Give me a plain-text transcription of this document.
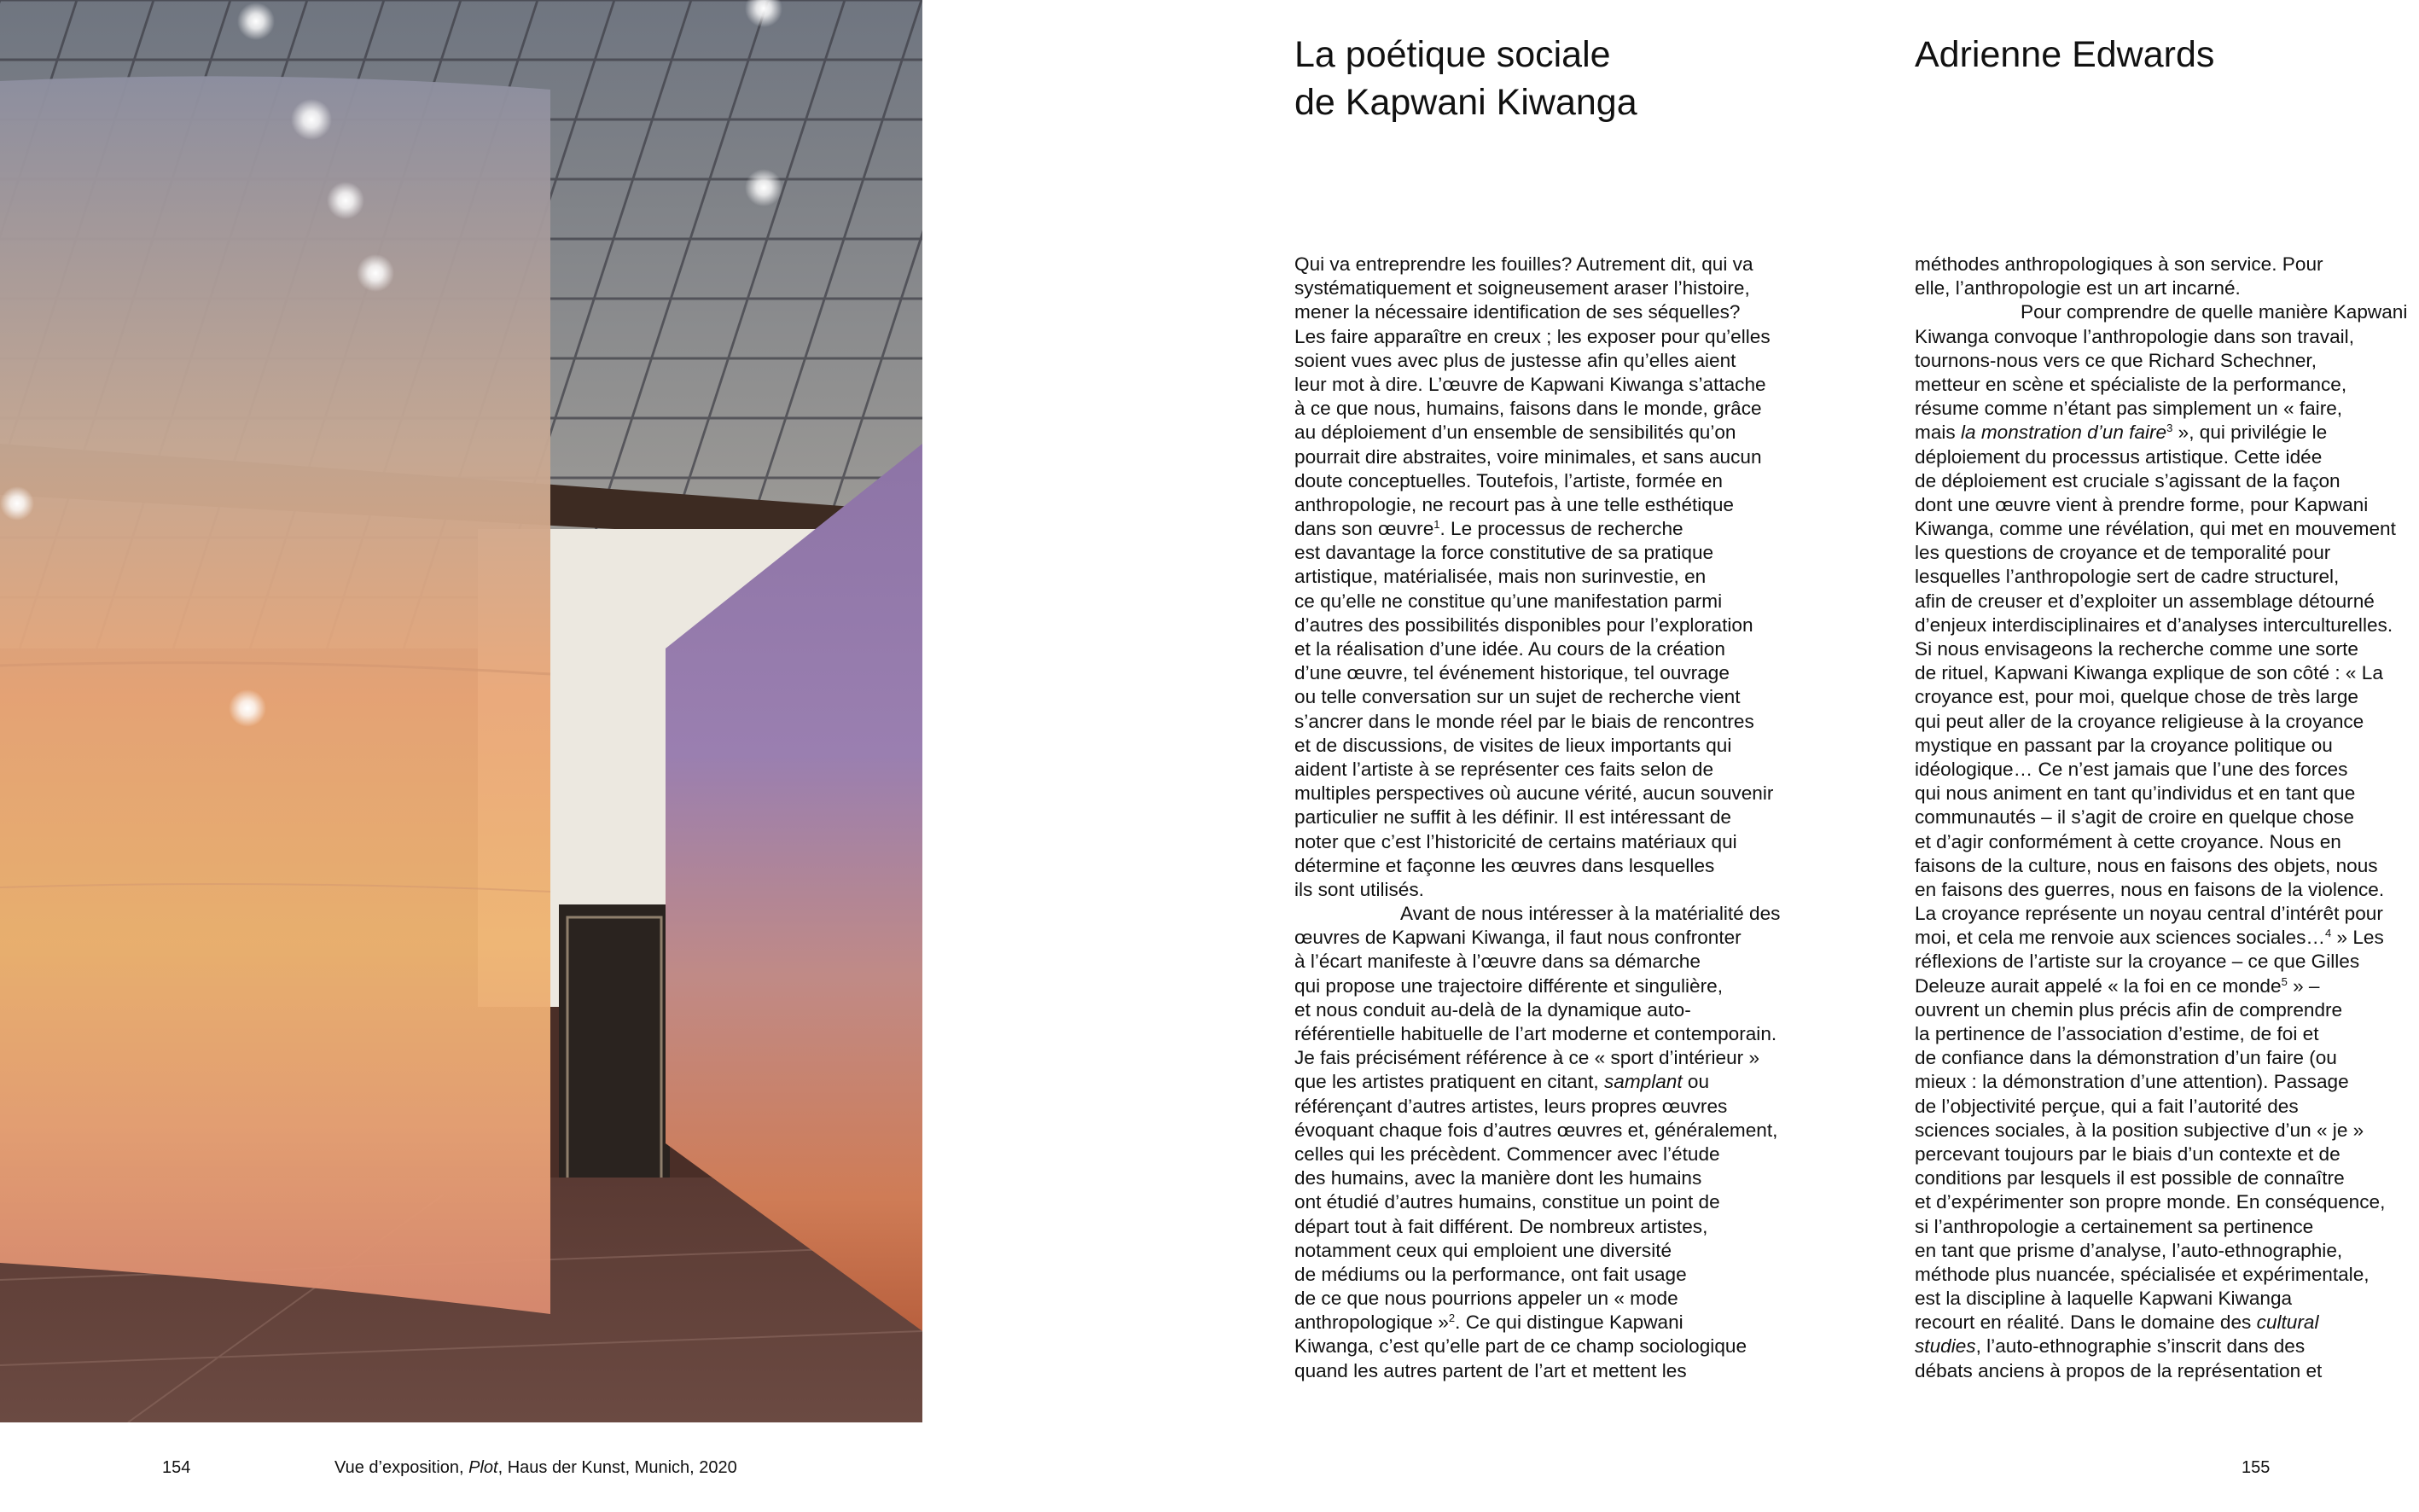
154	Vue d’exposition, Plot, Haus der Kunst, Munich, 2020	155
La poétique sociale
de Kapwani Kiwanga
Adrienne Edwards
Qui va entreprendre les fouilles? Autrement dit, qui va
systématiquement et soigneusement araser l’histoire,
mener la nécessaire identification de ses séquelles?
Les faire apparaître en creux ; les exposer pour qu’elles
soient vues avec plus de justesse afin qu’elles aient
leur mot à dire. L’œuvre de Kapwani Kiwanga s’attache
à ce que nous, humains, faisons dans le monde, grâce
au déploiement d’un ensemble de sensibilités qu’on
pourrait dire abstraites, voire minimales, et sans aucun
doute conceptuelles. Toutefois, l’artiste, formée en
anthropologie, ne recourt pas à une telle esthétique
dans son œuvre$^1$. Le processus de recherche
est davantage la force constitutive de sa pratique
artistique, matérialisée, mais non surinvestie, en
ce qu’elle ne constitue qu’une manifestation parmi
d’autres des possibilités disponibles pour l’exploration
et la réalisation d’une idée. Au cours de la création
d’une œuvre, tel événement historique, tel ouvrage
ou telle conversation sur un sujet de recherche vient
s’ancrer dans le monde réel par le biais de rencontres
et de discussions, de visites de lieux importants qui
aident l’artiste à se représenter ces faits selon de
multiples perspectives où aucune vérité, aucun souvenir
particulier ne suffit à les définir. Il est intéressant de
noter que c’est l’historicité de certains matériaux qui
détermine et façonne les œuvres dans lesquelles
ils sont utilisés.
Avant de nous intéresser à la matérialité des
œuvres de Kapwani Kiwanga, il faut nous confronter
à l’écart manifeste à l’œuvre dans sa démarche
qui propose une trajectoire différente et singulière,
et nous conduit au-delà de la dynamique auto-
référentielle habituelle de l’art moderne et contemporain.
Je fais précisément référence à ce « sport d’intérieur »
que les artistes pratiquent en citant, samplant ou
référençant d’autres artistes, leurs propres œuvres
évoquant chaque fois d’autres œuvres et, généralement,
celles qui les précèdent. Commencer avec l’étude
des humains, avec la manière dont les humains
ont étudié d’autres humains, constitue un point de
départ tout à fait différent. De nombreux artistes,
notamment ceux qui emploient une diversité
de médiums ou la performance, ont fait usage
de ce que nous pourrions appeler un « mode
anthropologique »$^2$. Ce qui distingue Kapwani
Kiwanga, c’est qu’elle part de ce champ sociologique
quand les autres partent de l’art et mettent les
méthodes anthropologiques à son service. Pour
elle, l’anthropologie est un art incarné.
Pour comprendre de quelle manière Kapwani
Kiwanga convoque l’anthropologie dans son travail,
tournons-nous vers ce que Richard Schechner,
metteur en scène et spécialiste de la performance,
résume comme n’étant pas simplement un « faire,
mais la monstration d’un faire$^3$ », qui privilégie le
déploiement du processus artistique. Cette idée
de déploiement est cruciale s’agissant de la façon
dont une œuvre vient à prendre forme, pour Kapwani
Kiwanga, comme une révélation, qui met en mouvement
les questions de croyance et de temporalité pour
lesquelles l’anthropologie sert de cadre structurel,
afin de creuser et d’exploiter un assemblage détourné
d’enjeux interdisciplinaires et d’analyses interculturelles.
Si nous envisageons la recherche comme une sorte
de rituel, Kapwani Kiwanga explique de son côté : « La
croyance est, pour moi, quelque chose de très large
qui peut aller de la croyance religieuse à la croyance
mystique en passant par la croyance politique ou
idéologique… Ce n’est jamais que l’une des forces
qui nous animent en tant qu’individus et en tant que
communautés – il s’agit de croire en quelque chose
et d’agir conformément à cette croyance. Nous en
faisons de la culture, nous en faisons des objets, nous
en faisons des guerres, nous en faisons de la violence.
La croyance représente un noyau central d’intérêt pour
moi, et cela me renvoie aux sciences sociales…$^4$ » Les
réflexions de l’artiste sur la croyance – ce que Gilles
Deleuze aurait appelé « la foi en ce monde$^5$ » –
ouvrent un chemin plus précis afin de comprendre
la pertinence de l’association d’estime, de foi et
de confiance dans la démonstration d’un faire (ou
mieux : la démonstration d’une attention). Passage
de l’objectivité perçue, qui a fait l’autorité des
sciences sociales, à la position subjective d’un « je »
percevant toujours par le biais d’un contexte et de
conditions par lesquels il est possible de connaître
et d’expérimenter son propre monde. En conséquence,
si l’anthropologie a certainement sa pertinence
en tant que prisme d’analyse, l’auto-ethnographie,
méthode plus nuancée, spécialisée et expérimentale,
est la discipline à laquelle Kapwani Kiwanga
recourt en réalité. Dans le domaine des cultural
studies, l’auto-ethnographie s’inscrit dans des
débats anciens à propos de la représentation et
